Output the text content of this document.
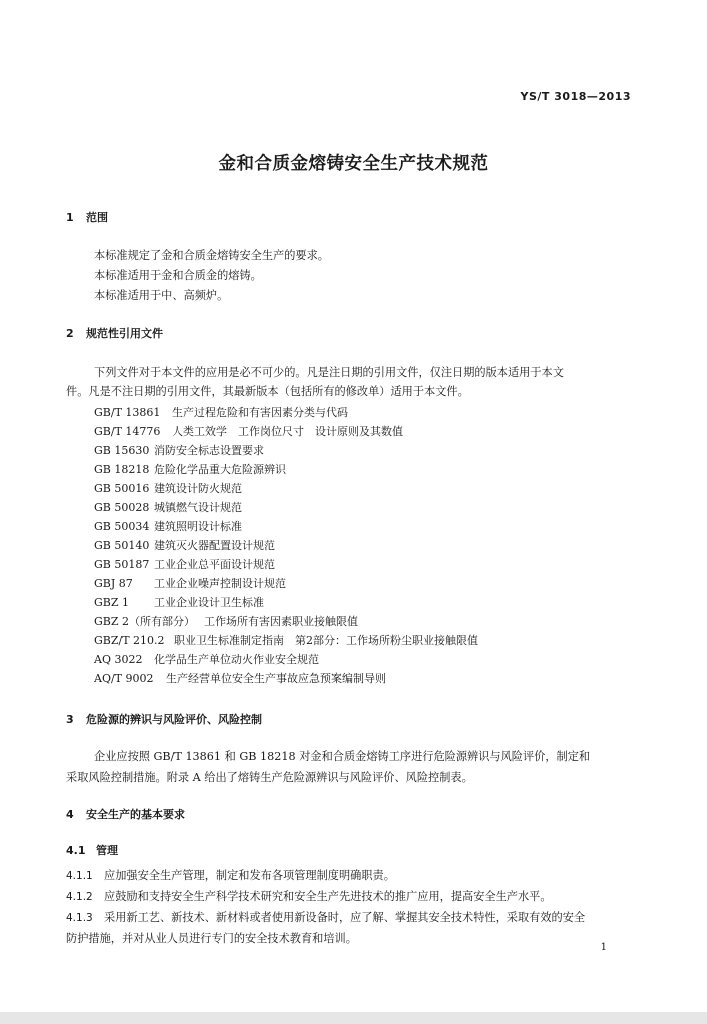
YS/T 3018—2013
金和合质金熔铸安全生产技术规范
1 范围
本标准规定了金和合质金熔铸安全生产的要求。
本标准适用于金和合质金的熔铸。
本标准适用于中、高频炉。
2 规范性引用文件
下列文件对于本文件的应用是必不可少的。凡是注日期的引用文件，仅注日期的版本适用于本文
件。凡是不注日期的引用文件，其最新版本（包括所有的修改单）适用于本文件。
GB/T 13861 生产过程危险和有害因素分类与代码
GB/T 14776 人类工效学　工作岗位尺寸　设计原则及其数值
GB 15630 消防安全标志设置要求
GB 18218 危险化学品重大危险源辨识
GB 50016 建筑设计防火规范
GB 50028 城镇燃气设计规范
GB 50034 建筑照明设计标准
GB 50140 建筑灭火器配置设计规范
GB 50187 工业企业总平面设计规范
GBJ 87 工业企业噪声控制设计规范
GBZ 1 工业企业设计卫生标准
GBZ 2（所有部分） 工作场所有害因素职业接触限值
GBZ/T 210.2 职业卫生标准制定指南　第2部分：工作场所粉尘职业接触限值
AQ 3022 化学品生产单位动火作业安全规范
AQ/T 9002 生产经营单位安全生产事故应急预案编制导则
3 危险源的辨识与风险评价、风险控制
企业应按照 GB/T 13861 和 GB 18218 对金和合质金熔铸工序进行危险源辨识与风险评价，制定和
采取风险控制措施。附录 A 给出了熔铸生产危险源辨识与风险评价、风险控制表。
4 安全生产的基本要求
4.1 管理
4.1.1 应加强安全生产管理，制定和发布各项管理制度明确职责。
4.1.2 应鼓励和支持安全生产科学技术研究和安全生产先进技术的推广应用，提高安全生产水平。
4.1.3 采用新工艺、新技术、新材料或者使用新设备时，应了解、掌握其安全技术特性，采取有效的安全
防护措施，并对从业人员进行专门的安全技术教育和培训。
1
